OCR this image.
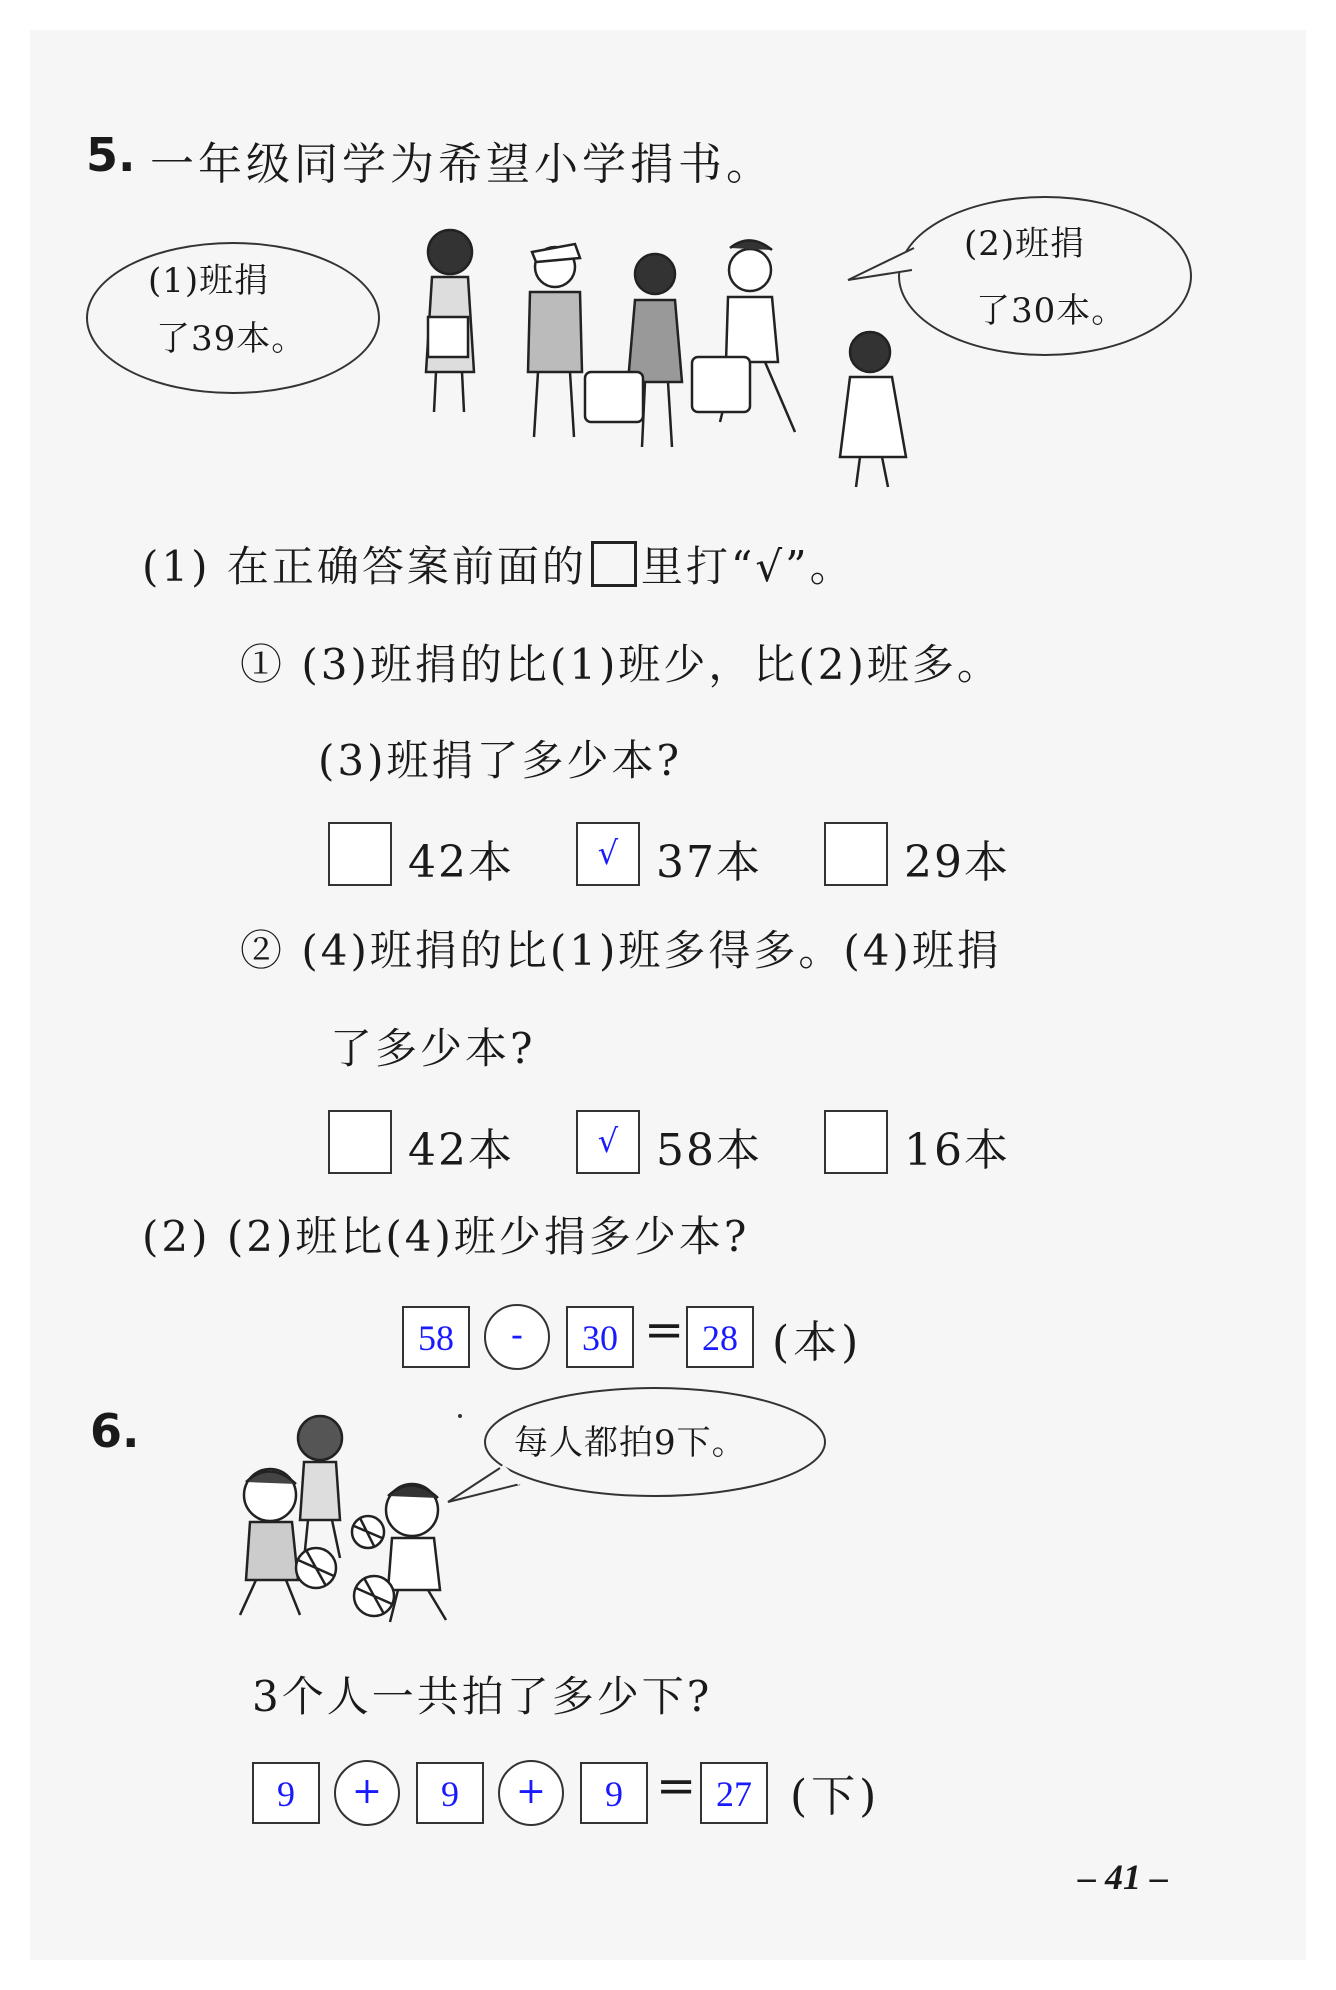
5. 一年级同学为希望小学捐书。
(1)班捐
了39本。
(2)班捐
了30本。
(1) 在正确答案前面的 里打“√”。
① (3)班捐的比(1)班少，比(2)班多。
(3)班捐了多少本?
42本	√ 37本	29本
② (4)班捐的比(1)班多得多。(4)班捐
了多少本?
42本	√ 58本	16本
(2) (2)班比(4)班少捐多少本?
58	-	30 = 28 (本)
6.	每人都拍9下。
3个人一共拍了多少下?
9	+	9	+	9 = 27 (下)
– 41 –
